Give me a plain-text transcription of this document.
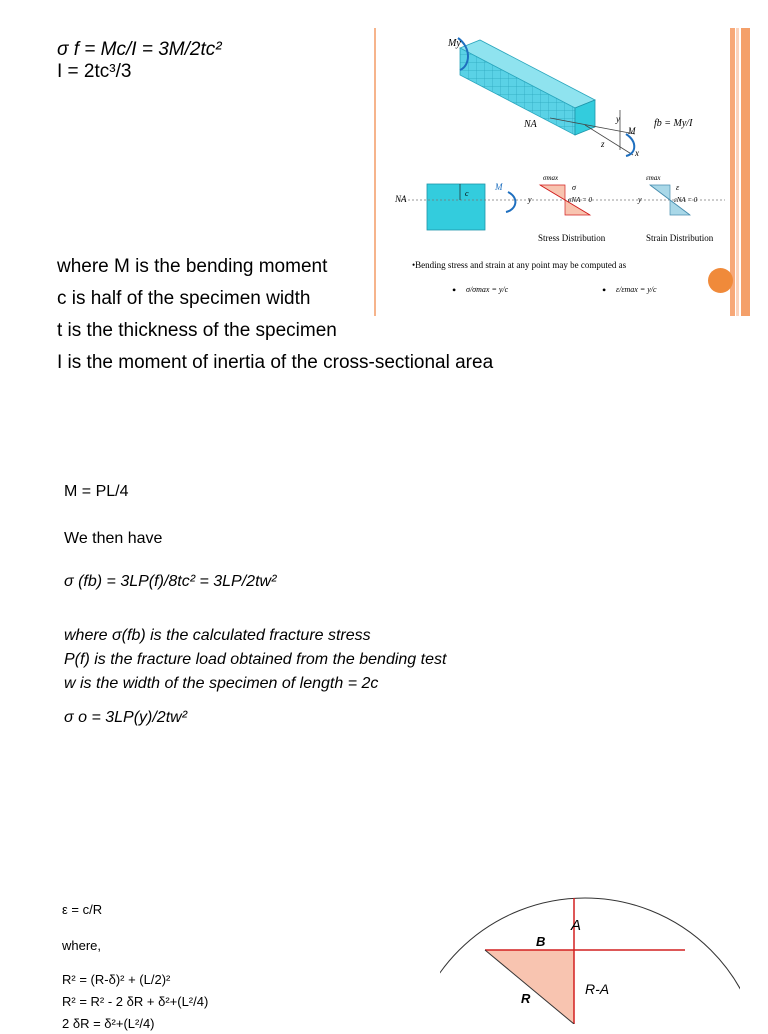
σ f = Mc/I = 3M/2tc²
I = 2tc³/3
My
NA	y
M
z
x
fb = My/I
NA
c
M
σmax
σ
σNA = 0
y
εmax
ε
εNA = 0
y
Stress Distribution	Strain Distribution
•Bending stress and strain at any point may be computed as
• σ/σmax = y/c	• ε/εmax = y/c
where M is the bending moment
c is half of the specimen width
t is the thickness of the specimen
I is the moment of inertia of the cross-sectional area
M = PL/4
We then have
σ (fb) = 3LP(f)/8tc² = 3LP/2tw²
where σ(fb) is the calculated fracture stress
P(f) is the fracture load obtained from the bending test
w is the width of the specimen of length = 2c
σ o = 3LP(y)/2tw²
ε = c/R
where,
R² = (R-δ)² + (L/2)²
R² = R² - 2 δR + δ²+(L²/4)
2 δR = δ²+(L²/4)
A
B
R
R-A
